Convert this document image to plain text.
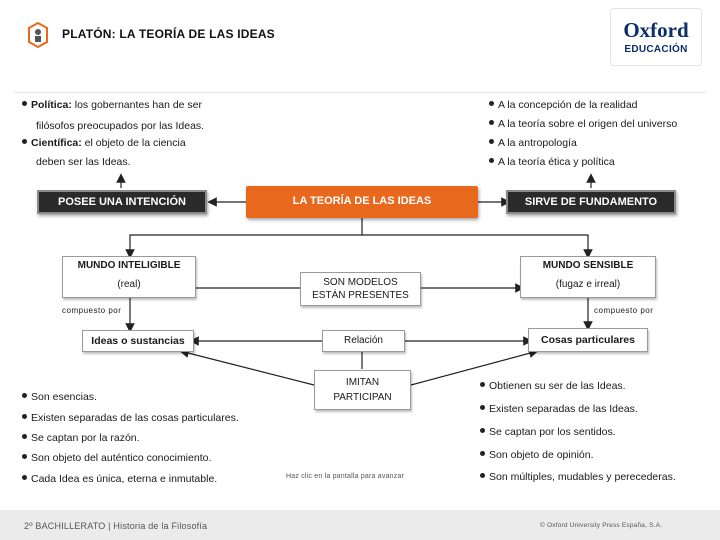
PLATÓN: LA TEORÍA DE LAS IDEAS	Oxford
EDUCACIÓN
Política: los gobernantes han de ser
filósofos preocupados por las Ideas.
Científica: el objeto de la ciencia
deben ser las Ideas.
A la concepción de la realidad
A la teoría sobre el origen del universo
A la antropología
A la teoría ética y política
POSEE UNA INTENCIÓN	LA TEORÍA DE LAS IDEAS	SIRVE DE FUNDAMENTO
MUNDO INTELIGIBLE
(real)
MUNDO SENSIBLE
(fugaz e irreal)
SON MODELOS
ESTÁN PRESENTES
compuesto por	compuesto por
Ideas o sustancias	Relación	Cosas particulares
IMITAN
PARTICIPAN
Son esencias.
Existen separadas de las cosas particulares.
Se captan por la razón.
Son objeto del auténtico conocimiento.
Cada Idea es única, eterna e inmutable.
Obtienen su ser de las Ideas.
Existen separadas de las Ideas.
Se captan por los sentidos.
Son objeto de opinión.
Son múltiples, mudables y perecederas.
Haz clic en la pantalla para avanzar
2º BACHILLERATO | Historia de la Filosofía	© Oxford University Press España, S.A.
